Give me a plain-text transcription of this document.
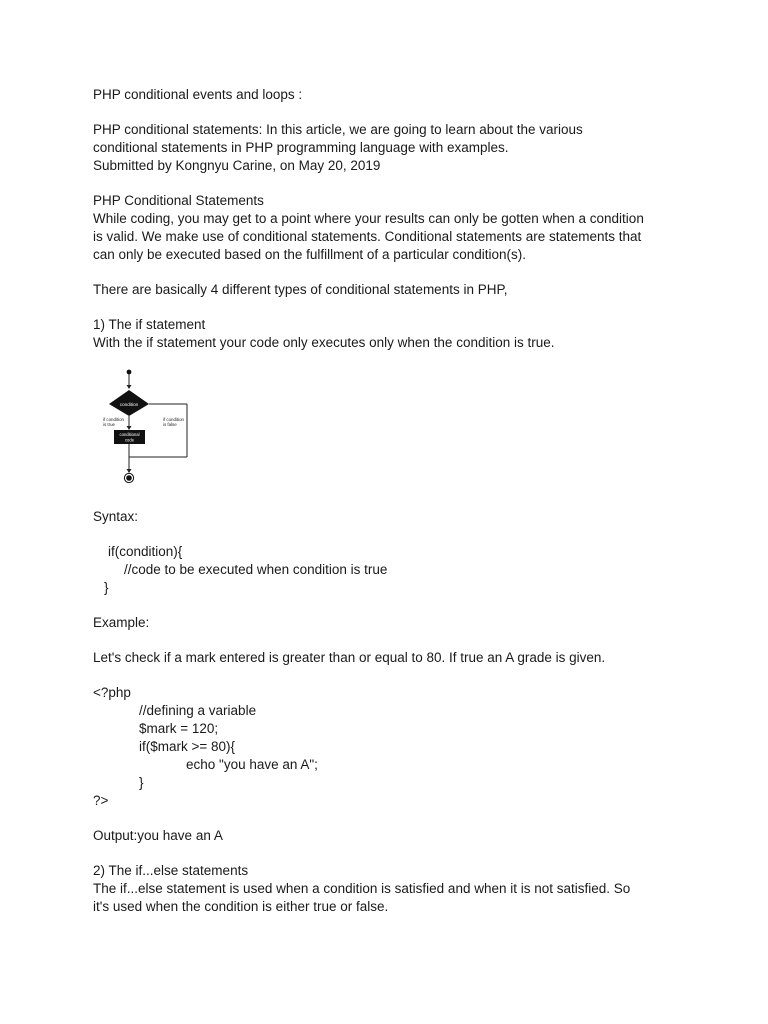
PHP conditional events and loops :
PHP conditional statements: In this article, we are going to learn about the various
conditional statements in PHP programming language with examples.
Submitted by Kongnyu Carine, on May 20, 2019
PHP Conditional Statements
While coding, you may get to a point where your results can only be gotten when a condition
is valid. We make use of conditional statements. Conditional statements are statements that
can only be executed based on the fulfillment of a particular condition(s).
There are basically 4 different types of conditional statements in PHP,
1) The if statement
With the if statement your code only executes only when the condition is true.
condition
if condition
is true
if condition
is false
conditional
code
Syntax:
if(condition){
//code to be executed when condition is true
}
Example:
Let's check if a mark entered is greater than or equal to 80. If true an A grade is given.
<?php
//defining a variable
$mark = 120;
if($mark >= 80){
echo "you have an A";
}
?>
Output:you have an A
2) The if...else statements
The if...else statement is used when a condition is satisfied and when it is not satisfied. So
it's used when the condition is either true or false.
